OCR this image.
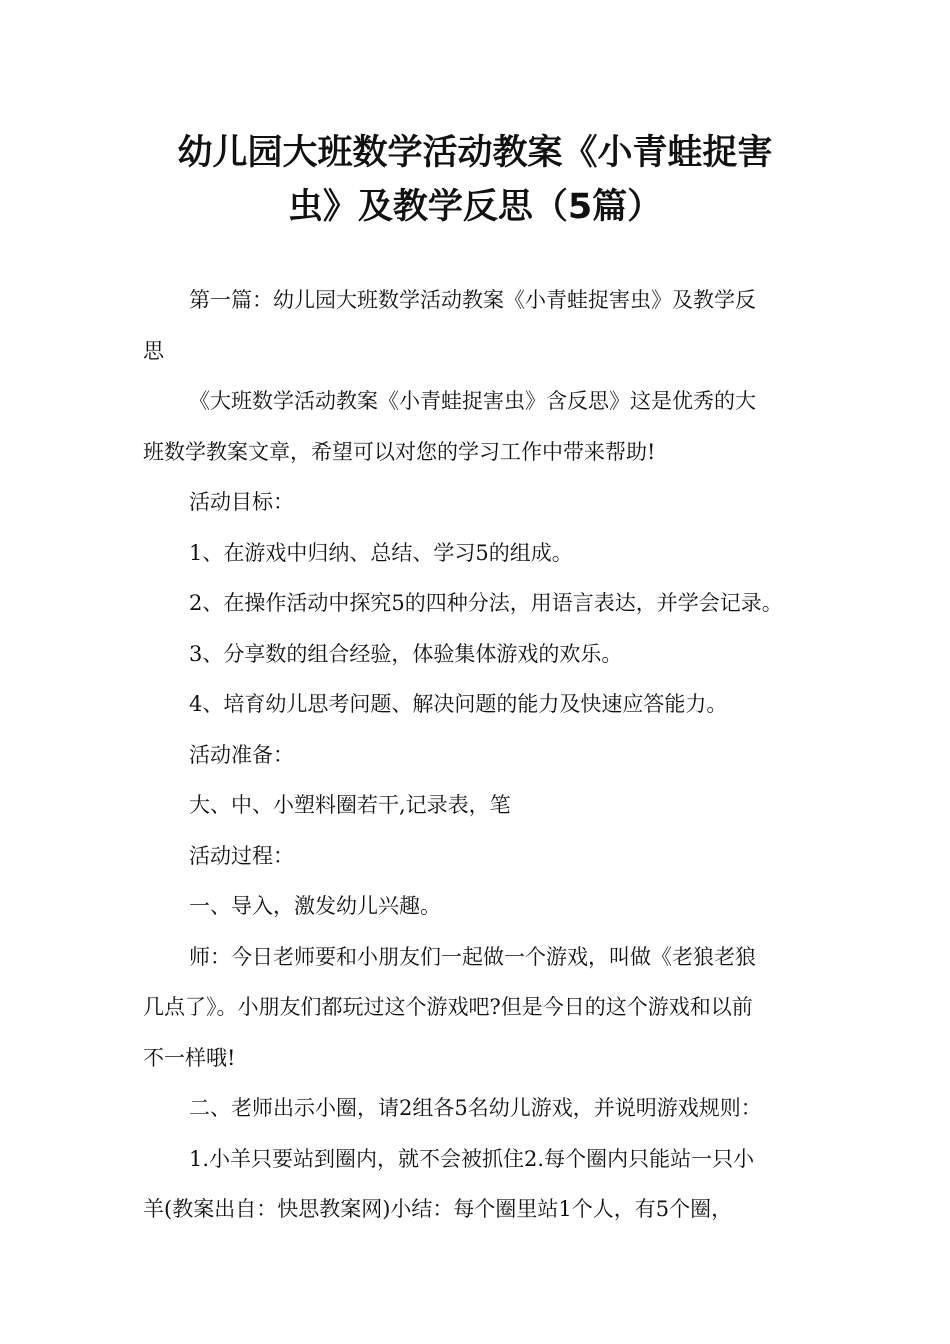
幼儿园大班数学活动教案《小青蛙捉害
虫》及教学反思（5篇）

第一篇：幼儿园大班数学活动教案《小青蛙捉害虫》及教学反
思

《大班数学活动教案《小青蛙捉害虫》含反思》这是优秀的大
班数学教案文章，希望可以对您的学习工作中带来帮助!

活动目标：

1、在游戏中归纳、总结、学习5的组成。

2、在操作活动中探究5的四种分法，用语言表达，并学会记录。

3、分享数的组合经验，体验集体游戏的欢乐。

4、培育幼儿思考问题、解决问题的能力及快速应答能力。

活动准备：

大、中、小塑料圈若干,记录表，笔

活动过程：

一、导入，激发幼儿兴趣。

师：今日老师要和小朋友们一起做一个游戏，叫做《老狼老狼
几点了》。小朋友们都玩过这个游戏吧?但是今日的这个游戏和以前
不一样哦!

二、老师出示小圈，请2组各5名幼儿游戏，并说明游戏规则：

1.小羊只要站到圈内，就不会被抓住2.每个圈内只能站一只小
羊(教案出自：快思教案网)小结：每个圈里站1个人，有5个圈，
